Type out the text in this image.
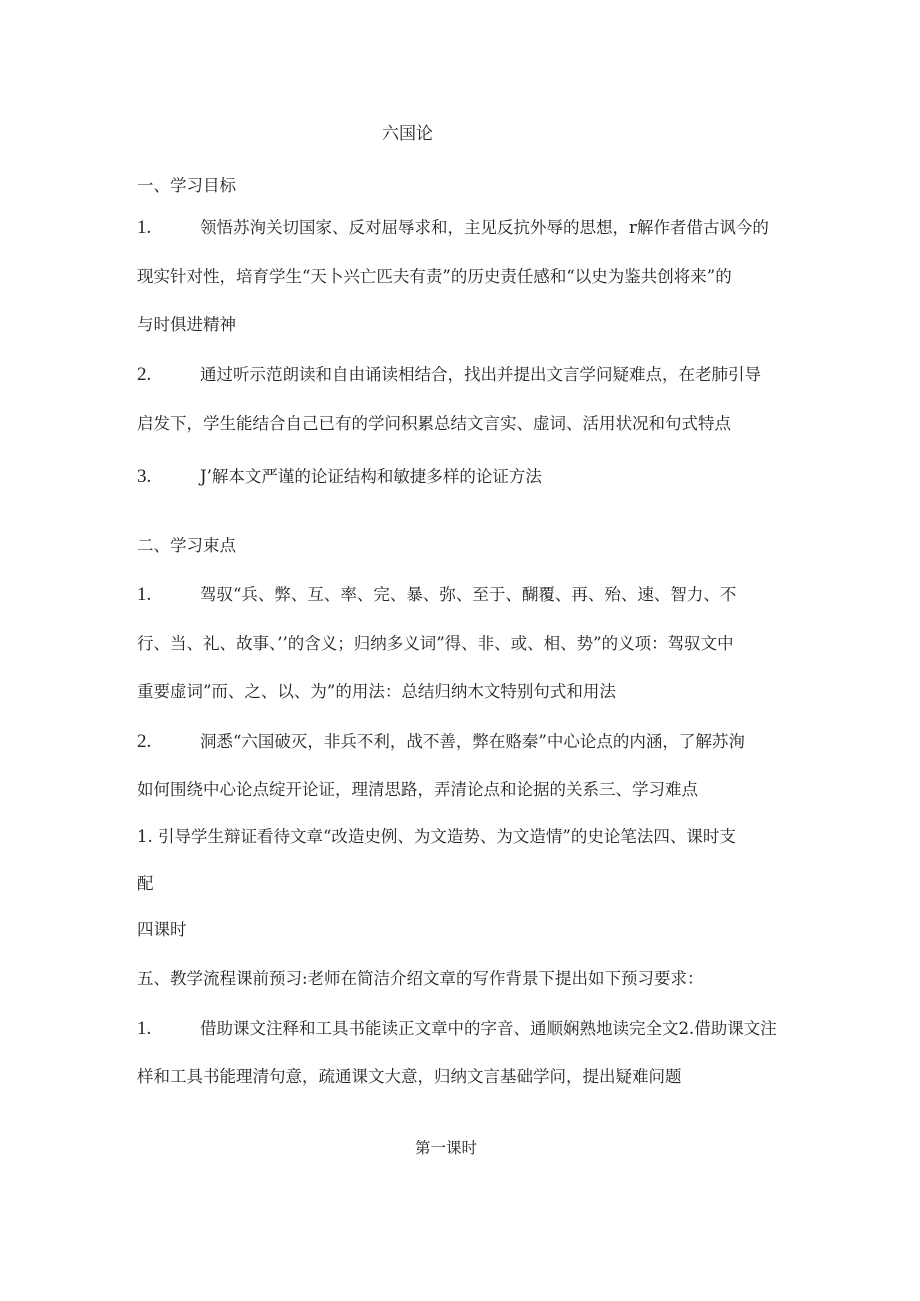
六国论
一、学习目标
1.	领悟苏洵关切国家、反对屈辱求和，主见反抗外辱的思想，r解作者借古讽今的
现实针对性，培育学生“天卜兴亡匹夫有责”的历史责任感和“以史为鉴共创将来”的
与时俱进精神
2.	通过听示范朗读和自由诵读相结合，找出并提出文言学问疑难点，在老肺引导
启发下，学生能结合自己已有的学问积累总结文言实、虚词、活用状况和句式特点
3.	J’解本文严谨的论证结构和敏捷多样的论证方法
二、学习束点
1.	驾驭“兵、弊、互、率、完、暴、弥、至于、醐覆、再、殆、速、智力、不
行、当、礼、故事、’’的含义；归纳多义词”得、非、或、相、势”的义项：驾驭文中
重要虚词”而、之、以、为”的用法：总结归纳木文特别句式和用法
2.	洞悉“六国破灭，非兵不利，战不善，弊在赂秦”中心论点的内涵，了解苏洵
如何围绕中心论点绽开论证，理清思路，弄清论点和论据的关系三、学习难点
1. 引导学生辩证看待文章“改造史例、为文造势、为文造情”的史论笔法四、课时支
配
四课时
五、教学流程课前预习:老师在简洁介绍文章的写作背景下提出如下预习要求：
1.	借助课文注释和工具书能读正文章中的字音、通顺娴熟地读完全文2.借助课文注
样和工具书能理清句意，疏通课文大意，归纳文言基础学问，提出疑难问题
第一课时
